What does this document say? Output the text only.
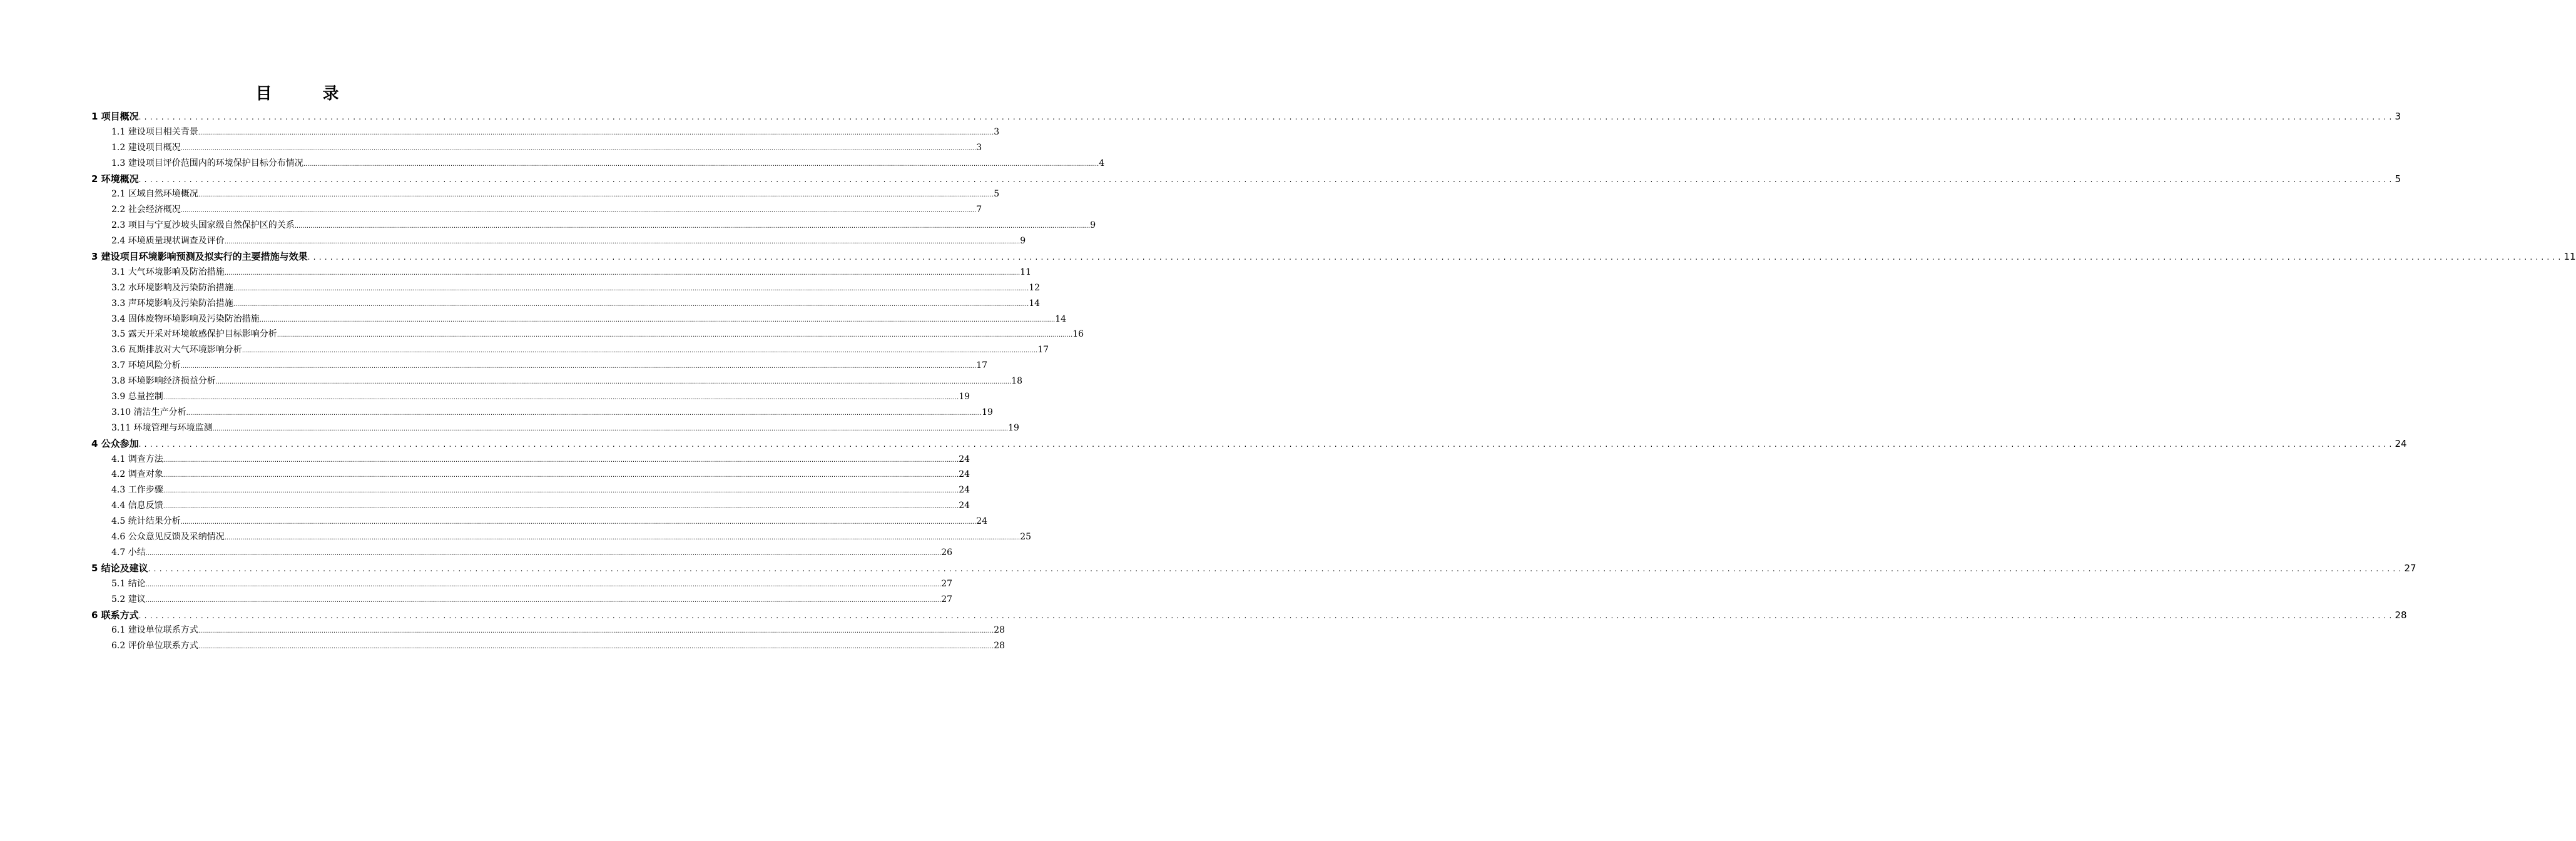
目 录
1 项目概况 ................................................................................................................................................................................................................................................................................................................................................................................................................ 3
1.1 建设项目相关背景 ................................................................................................................................................................................................................................................................................................................................................................................................................ 3
1.2 建设项目概况 ................................................................................................................................................................................................................................................................................................................................................................................................................ 3
1.3 建设项目评价范围内的环境保护目标分布情况 ................................................................................................................................................................................................................................................................................................................................................................................................................ 4
2 环境概况 ................................................................................................................................................................................................................................................................................................................................................................................................................ 5
2.1 区域自然环境概况 ................................................................................................................................................................................................................................................................................................................................................................................................................ 5
2.2 社会经济概况 ................................................................................................................................................................................................................................................................................................................................................................................................................ 7
2.3 项目与宁夏沙坡头国家级自然保护区的关系 ................................................................................................................................................................................................................................................................................................................................................................................................................ 9
2.4 环境质量现状调查及评价 ................................................................................................................................................................................................................................................................................................................................................................................................................ 9
3 建设项目环境影响预测及拟实行的主要措施与效果 ................................................................................................................................................................................................................................................................................................................................................................................................................ 11
3.1 大气环境影响及防治措施 ................................................................................................................................................................................................................................................................................................................................................................................................................ 11
3.2 水环境影响及污染防治措施 ................................................................................................................................................................................................................................................................................................................................................................................................................ 12
3.3 声环境影响及污染防治措施 ................................................................................................................................................................................................................................................................................................................................................................................................................ 14
3.4 固体废物环境影响及污染防治措施 ................................................................................................................................................................................................................................................................................................................................................................................................................ 14
3.5 露天开采对环境敏感保护目标影响分析 ................................................................................................................................................................................................................................................................................................................................................................................................................ 16
3.6 瓦斯排放对大气环境影响分析 ................................................................................................................................................................................................................................................................................................................................................................................................................ 17
3.7 环境风险分析 ................................................................................................................................................................................................................................................................................................................................................................................................................ 17
3.8 环境影响经济损益分析 ................................................................................................................................................................................................................................................................................................................................................................................................................ 18
3.9 总量控制 ................................................................................................................................................................................................................................................................................................................................................................................................................ 19
3.10 清洁生产分析 ................................................................................................................................................................................................................................................................................................................................................................................................................ 19
3.11 环境管理与环境监测 ................................................................................................................................................................................................................................................................................................................................................................................................................ 19
4 公众参加 ................................................................................................................................................................................................................................................................................................................................................................................................................ 24
4.1 调查方法 ................................................................................................................................................................................................................................................................................................................................................................................................................ 24
4.2 调查对象 ................................................................................................................................................................................................................................................................................................................................................................................................................ 24
4.3 工作步骤 ................................................................................................................................................................................................................................................................................................................................................................................................................ 24
4.4 信息反馈 ................................................................................................................................................................................................................................................................................................................................................................................................................ 24
4.5 统计结果分析 ................................................................................................................................................................................................................................................................................................................................................................................................................ 24
4.6 公众意见反馈及采纳情况 ................................................................................................................................................................................................................................................................................................................................................................................................................ 25
4.7 小结 ................................................................................................................................................................................................................................................................................................................................................................................................................ 26
5 结论及建议 ................................................................................................................................................................................................................................................................................................................................................................................................................ 27
5.1 结论 ................................................................................................................................................................................................................................................................................................................................................................................................................ 27
5.2 建议 ................................................................................................................................................................................................................................................................................................................................................................................................................ 27
6 联系方式 ................................................................................................................................................................................................................................................................................................................................................................................................................ 28
6.1 建设单位联系方式 ................................................................................................................................................................................................................................................................................................................................................................................................................ 28
6.2 评价单位联系方式 ................................................................................................................................................................................................................................................................................................................................................................................................................ 28
